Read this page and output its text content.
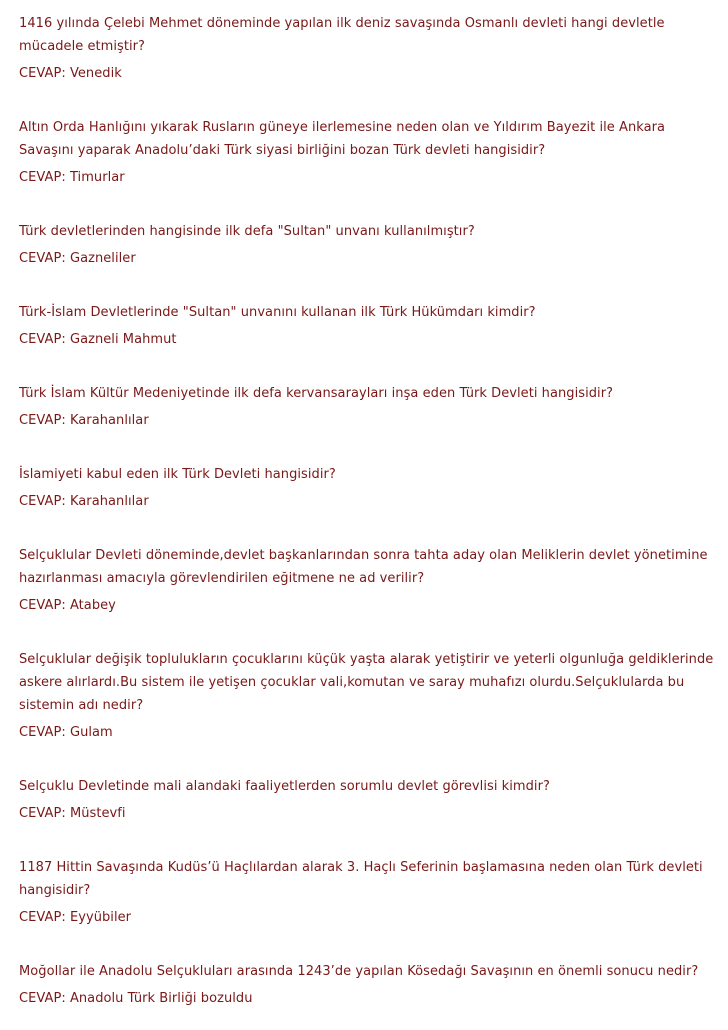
1416 yılında Çelebi Mehmet döneminde yapılan ilk deniz savaşında Osmanlı devleti hangi devletle mücadele etmiştir?

CEVAP: Venedik

Altın Orda Hanlığını yıkarak Rusların güneye ilerlemesine neden olan ve Yıldırım Bayezit ile Ankara Savaşını yaparak Anadolu’daki Türk siyasi birliğini bozan Türk devleti hangisidir?

CEVAP: Timurlar

Türk devletlerinden hangisinde ilk defa "Sultan" unvanı kullanılmıştır?

CEVAP: Gazneliler

Türk-İslam Devletlerinde "Sultan" unvanını kullanan ilk Türk Hükümdarı kimdir?

CEVAP: Gazneli Mahmut

Türk İslam Kültür Medeniyetinde ilk defa kervansarayları inşa eden Türk Devleti hangisidir?

CEVAP: Karahanlılar

İslamiyeti kabul eden ilk Türk Devleti hangisidir?

CEVAP: Karahanlılar

Selçuklular Devleti döneminde,devlet başkanlarından sonra tahta aday olan Meliklerin devlet yönetimine hazırlanması amacıyla görevlendirilen eğitmene ne ad verilir?

CEVAP: Atabey

Selçuklular değişik toplulukların çocuklarını küçük yaşta alarak yetiştirir ve yeterli olgunluğa geldiklerinde askere alırlardı.Bu sistem ile yetişen çocuklar vali,komutan ve saray muhafızı olurdu.Selçuklularda bu sistemin adı nedir?

CEVAP: Gulam

Selçuklu Devletinde mali alandaki faaliyetlerden sorumlu devlet görevlisi kimdir?

CEVAP: Müstevfi

1187 Hittin Savaşında Kudüs’ü Haçlılardan alarak 3. Haçlı Seferinin başlamasına neden olan Türk devleti hangisidir?

CEVAP: Eyyübiler

Moğollar ile Anadolu Selçukluları arasında 1243’de yapılan Kösedağı Savaşının en önemli sonucu nedir?

CEVAP: Anadolu Türk Birliği bozuldu
